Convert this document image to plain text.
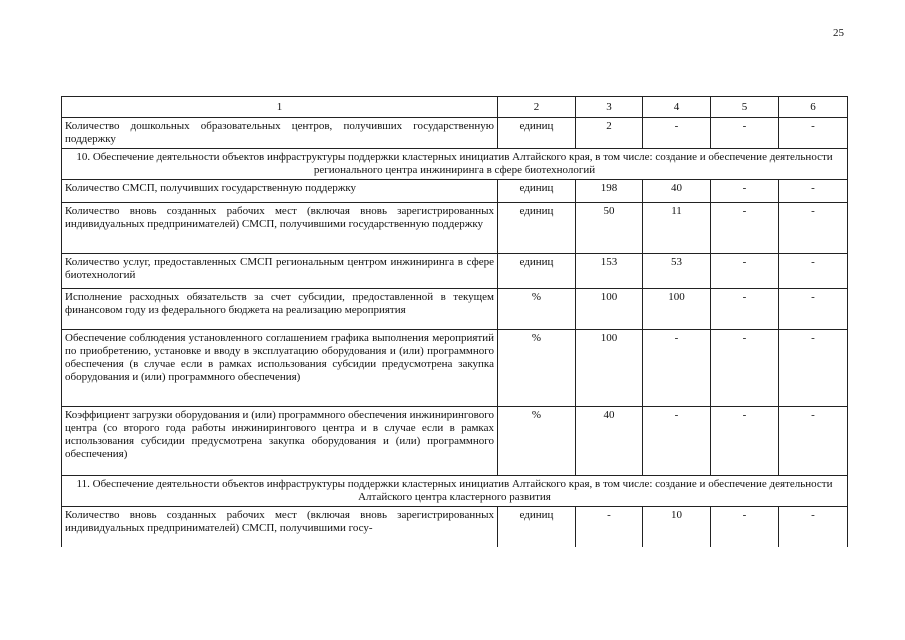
25
1	2	3	4	5	6
Количество дошкольных образовательных центров, получивших государственную поддержку	единиц	2	-	-	-
10. Обеспечение деятельности объектов инфраструктуры поддержки кластерных инициатив Алтайского края, в том числе: создание и обеспечение деятельности регионального центра инжиниринга в сфере биотехнологий					
Количество СМСП, получивших государственную поддержку	единиц	198	40	-	-
Количество вновь созданных рабочих мест (включая вновь зарегистрированных индивидуальных предпринимателей) СМСП, получившими государственную поддержку	единиц	50	11	-	-
Количество услуг, предоставленных СМСП региональным центром инжиниринга в сфере биотехнологий	единиц	153	53	-	-
Исполнение расходных обязательств за счет субсидии, предоставленной в текущем финансовом году из федерального бюджета на реализацию мероприятия	%	100	100	-	-
Обеспечение соблюдения установленного соглашением графика выполнения мероприятий по приобретению, установке и вводу в эксплуатацию оборудования и (или) программного обеспечения (в случае если в рамках использования субсидии предусмотрена закупка оборудования и (или) программного обеспечения)	%	100	-	-	-
Коэффициент загрузки оборудования и (или) программного обеспечения инжинирингового центра (со второго года работы инжинирингового центра и в случае если в рамках использования субсидии предусмотрена закупка оборудования и (или) программного обеспечения)	%	40	-	-	-
11. Обеспечение деятельности объектов инфраструктуры поддержки кластерных инициатив Алтайского края, в том числе: создание и обеспечение деятельности Алтайского центра кластерного развития					
Количество вновь созданных рабочих мест (включая вновь зарегистрированных индивидуальных предпринимателей) СМСП, получившими госу-	единиц	-	10	-	-
